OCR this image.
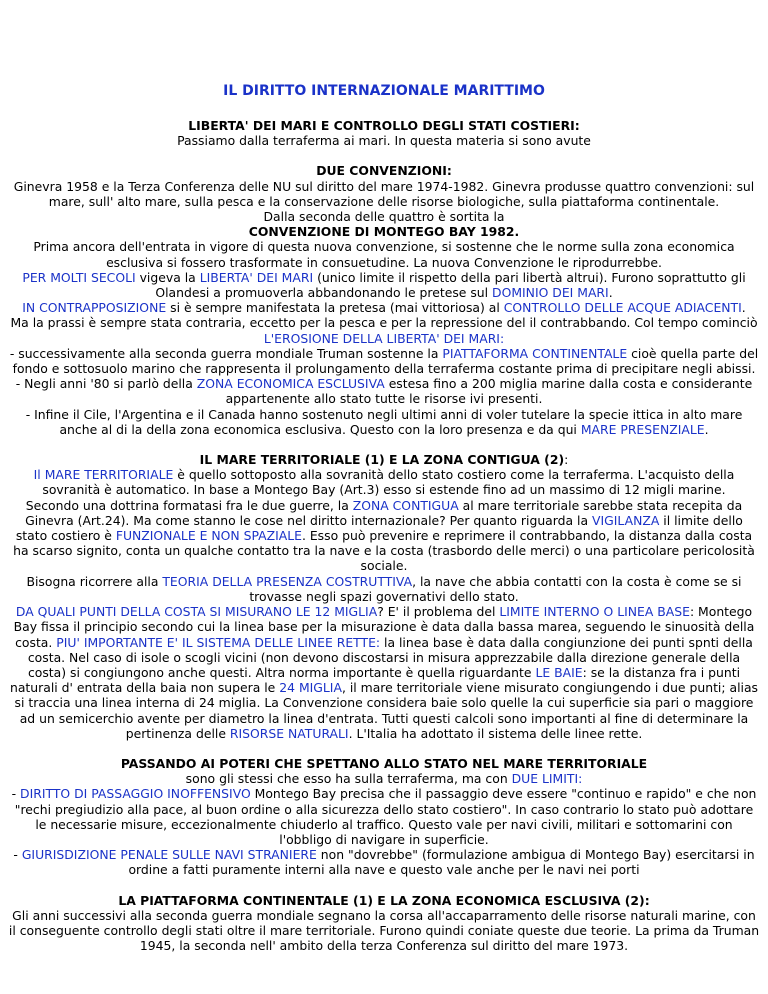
IL DIRITTO INTERNAZIONALE MARITTIMO
LIBERTA' DEI MARI E CONTROLLO DEGLI STATI COSTIERI:

Passiamo dalla terraferma ai mari. In questa materia si sono avute

DUE CONVENZIONI:

Ginevra 1958 e la Terza Conferenza delle NU sul diritto del mare 1974-1982. Ginevra produsse quattro convenzioni: sul mare, sull' alto mare, sulla pesca e la conservazione delle risorse biologiche, sulla piattaforma continentale.

Dalla seconda delle quattro è sortita la

CONVENZIONE DI MONTEGO BAY 1982.

Prima ancora dell'entrata in vigore di questa nuova convenzione, si sostenne che le norme sulla zona economica esclusiva si fossero trasformate in consuetudine. La nuova Convenzione le riprodurrebbe.

PER MOLTI SECOLI vigeva la LIBERTA' DEI MARI (unico limite il rispetto della pari libertà altrui). Furono soprattutto gli Olandesi a promuoverla abbandonando le pretese sul DOMINIO DEI MARI.

IN CONTRAPPOSIZIONE si è sempre manifestata la pretesa (mai vittoriosa) al CONTROLLO DELLE ACQUE ADIACENTI.

Ma la prassi è sempre stata contraria, eccetto per la pesca e per la repressione del il contrabbando. Col tempo cominciò L'EROSIONE DELLA LIBERTA' DEI MARI:

- successivamente alla seconda guerra mondiale Truman sostenne la PIATTAFORMA CONTINENTALE cioè quella parte del fondo e sottosuolo marino che rappresenta il prolungamento della terraferma costante prima di precipitare negli abissi.

- Negli anni '80 si parlò della ZONA ECONOMICA ESCLUSIVA estesa fino a 200 miglia marine dalla costa e considerante appartenente allo stato tutte le risorse ivi presenti.

- Infine il Cile, l'Argentina e il Canada hanno sostenuto negli ultimi anni di voler tutelare la specie ittica in alto mare anche al di la della zona economica esclusiva. Questo con la loro presenza e da qui MARE PRESENZIALE.

IL MARE TERRITORIALE (1) E LA ZONA CONTIGUA (2):

Il MARE TERRITORIALE è quello sottoposto alla sovranità dello stato costiero come la terraferma. L'acquisto della sovranità è automatico. In base a Montego Bay (Art.3) esso si estende fino ad un massimo di 12 migli marine.

Secondo una dottrina formatasi fra le due guerre, la ZONA CONTIGUA al mare territoriale sarebbe stata recepita da Ginevra (Art.24). Ma come stanno le cose nel diritto internazionale? Per quanto riguarda la VIGILANZA il limite dello stato costiero è FUNZIONALE E NON SPAZIALE. Esso può prevenire e reprimere il contrabbando, la distanza dalla costa ha scarso signito, conta un qualche contatto tra la nave e la costa (trasbordo delle merci) o una particolare pericolosità sociale.

Bisogna ricorrere alla TEORIA DELLA PRESENZA COSTRUTTIVA, la nave che abbia contatti con la costa è come se si trovasse negli spazi governativi dello stato.

DA QUALI PUNTI DELLA COSTA SI MISURANO LE 12 MIGLIA? E' il problema del LIMITE INTERNO O LINEA BASE: Montego Bay fissa il principio secondo cui la linea base per la misurazione è data dalla bassa marea, seguendo le sinuosità della costa. PIU' IMPORTANTE E' IL SISTEMA DELLE LINEE RETTE: la linea base è data dalla congiunzione dei punti spnti della costa. Nel caso di isole o scogli vicini (non devono discostarsi in misura apprezzabile dalla direzione generale della costa) si congiungono anche questi. Altra norma importante è quella riguardante LE BAIE: se la distanza fra i punti naturali d' entrata della baia non supera le 24 MIGLIA, il mare territoriale viene misurato congiungendo i due punti; alias si traccia una linea interna di 24 miglia. La Convenzione considera baie solo quelle la cui superficie sia pari o maggiore ad un semicerchio avente per diametro la linea d'entrata. Tutti questi calcoli sono importanti al fine di determinare la pertinenza delle RISORSE NATURALI. L'Italia ha adottato il sistema delle linee rette.

PASSANDO AI POTERI CHE SPETTANO ALLO STATO NEL MARE TERRITORIALE

sono gli stessi che esso ha sulla terraferma, ma con DUE LIMITI:

- DIRITTO DI PASSAGGIO INOFFENSIVO Montego Bay precisa che il passaggio deve essere "continuo e rapido" e che non "rechi pregiudizio alla pace, al buon ordine o alla sicurezza dello stato costiero". In caso contrario lo stato può adottare le necessarie misure, eccezionalmente chiuderlo al traffico. Questo vale per navi civili, militari e sottomarini con l'obbligo di navigare in superficie.

- GIURISDIZIONE PENALE SULLE NAVI STRANIERE non "dovrebbe" (formulazione ambigua di Montego Bay) esercitarsi in ordine a fatti puramente interni alla nave e questo vale anche per le navi nei porti

LA PIATTAFORMA CONTINENTALE (1) E LA ZONA ECONOMICA ESCLUSIVA (2):

Gli anni successivi alla seconda guerra mondiale segnano la corsa all'accaparramento delle risorse naturali marine, con il conseguente controllo degli stati oltre il mare territoriale. Furono quindi coniate queste due teorie. La prima da Truman 1945, la seconda nell' ambito della terza Conferenza sul diritto del mare 1973.
